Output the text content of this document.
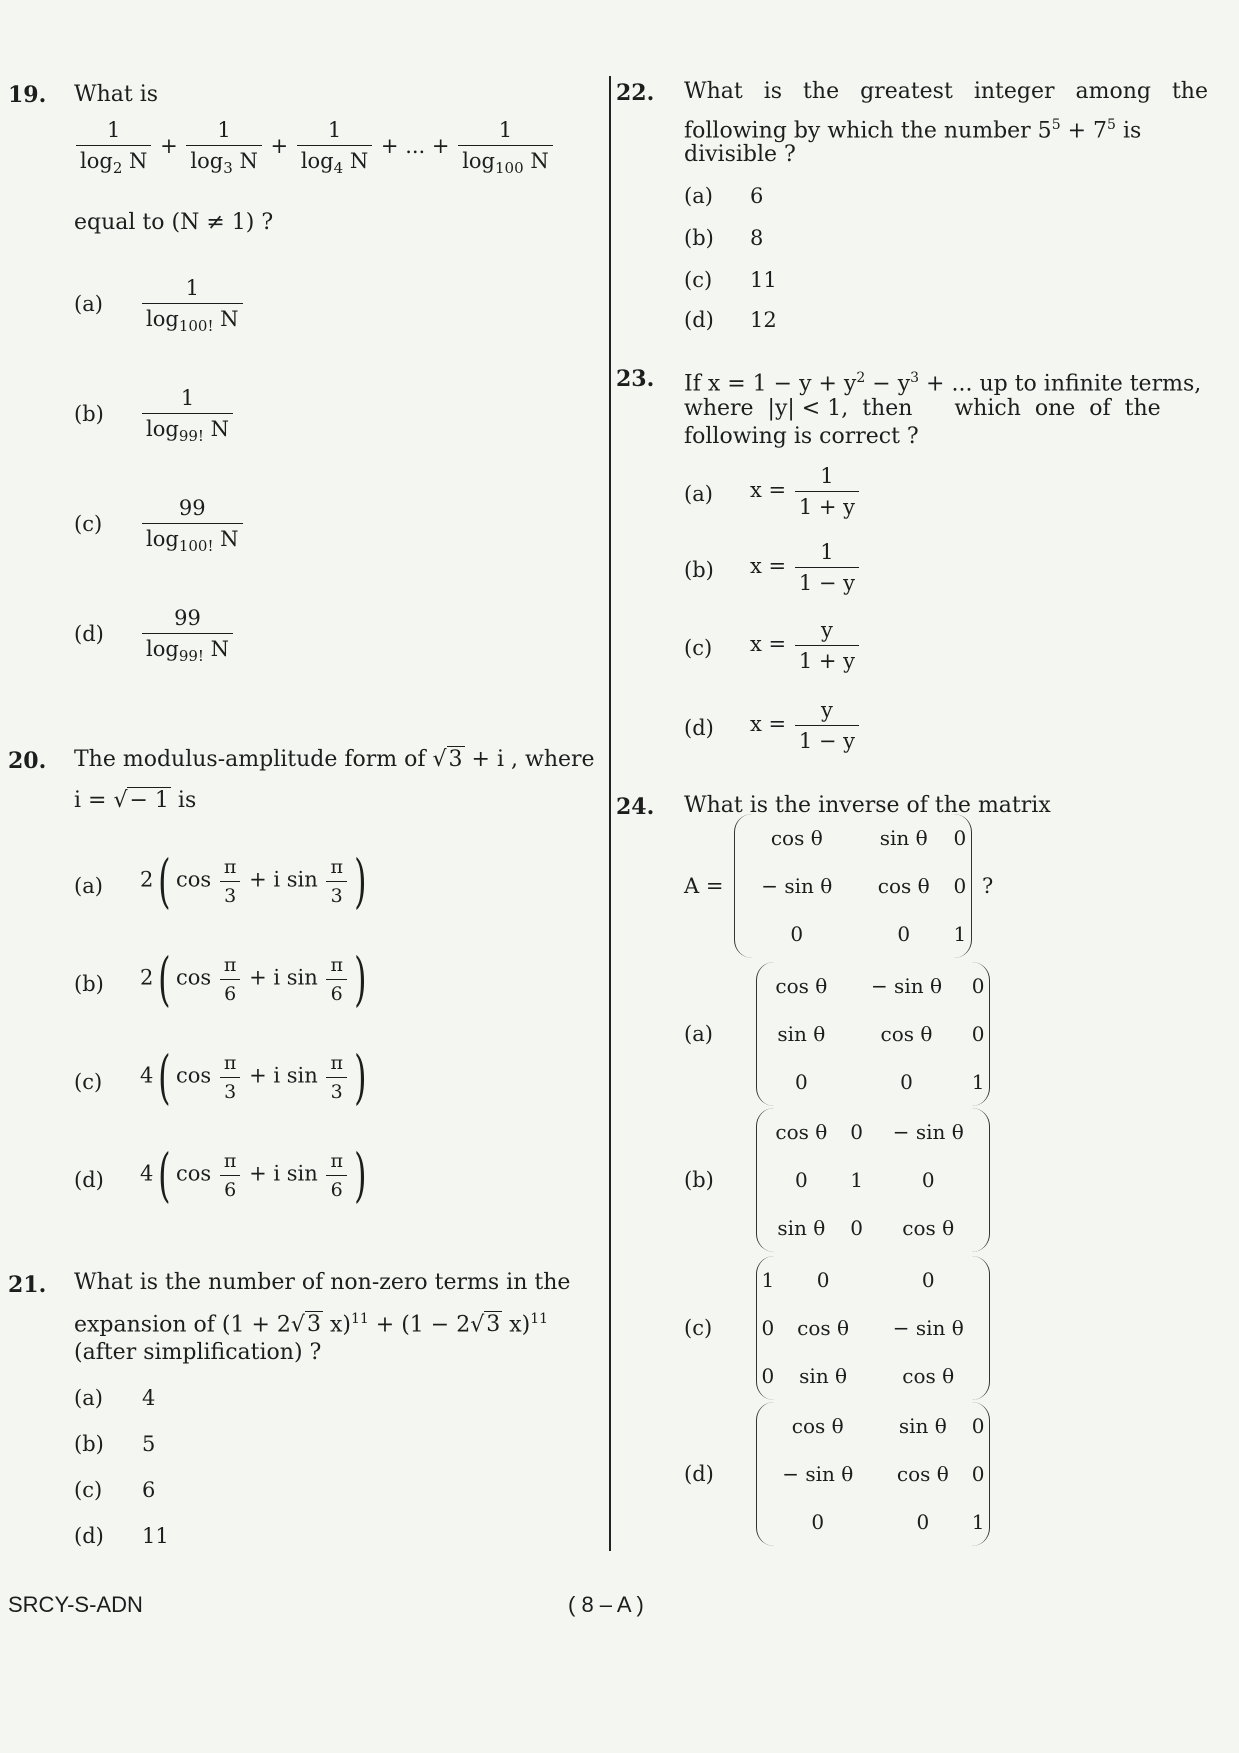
19. What is
$\frac{1}{\log_2 N} + \frac{1}{\log_3 N} + \frac{1}{\log_4 N}$ + ... + $\frac{1}{\log_{100} N}$
equal to (N ≠ 1) ?
$(a) \frac{1}{\log_{100!} N}$
$(b) \frac{1}{\log_{99!} N}$
$(c) \frac{99}{\log_{100!} N}$
$(d) \frac{99}{\log_{99!} N}$
20. The modulus-amplitude form of √3 + i , where
i = √− 1 is
(a) 2( $\cos \frac{\pi}{3} + i$ $\sin \frac{\pi}{3}$ )
(b) 2( $\cos \frac{\pi}{6} + i$ $\sin \frac{\pi}{6}$ )
(c) 4( $\cos \frac{\pi}{3} + i$ $\sin \frac{\pi}{3}$ )
(d) 4( $\cos \frac{\pi}{6} + i$ $\sin \frac{\pi}{6}$ )
21. What is the number of non-zero terms in the
expansion of (1 + 2√3 x)$^{11}$ + (1 − 2√3 x)$^{11}$
(after simplification) ?
(a) 4
(b) 5
(c) 6
(d) 11
22. What is the greatest integer among the
following by which the number $5^5 + 7^5$ is
divisible ?
(a) 6
(b) 8
(c) 11
(d) 12
23. If $x = 1 - y + y^2 - y^3$ + ... up to infinite terms,
where  |y| < 1,  then      which  one  of  the
following is correct ?
(a) $x = \frac{1}{1 + y}$
(b) $x = \frac{1}{1 - y}$
(c) $x = \frac{y}{1 + y}$
(d) $x = \frac{y}{1 - y}$
24. What is the inverse of the matrix
A =
cos θ	sin θ	0
− sin θ	cos θ	0
0	0	1
?
(a)
cos θ	− sin θ	0
sin θ	cos θ	0
0	0	1
(b)
cos θ	0	− sin θ
0	1	0
sin θ	0	cos θ
(c)
1	0	0
0	cos θ	− sin θ
0	sin θ	cos θ
(d)
cos θ	sin θ	0
− sin θ	cos θ	0
0	0	1
SRCY-S-ADN	( 8 – A )
